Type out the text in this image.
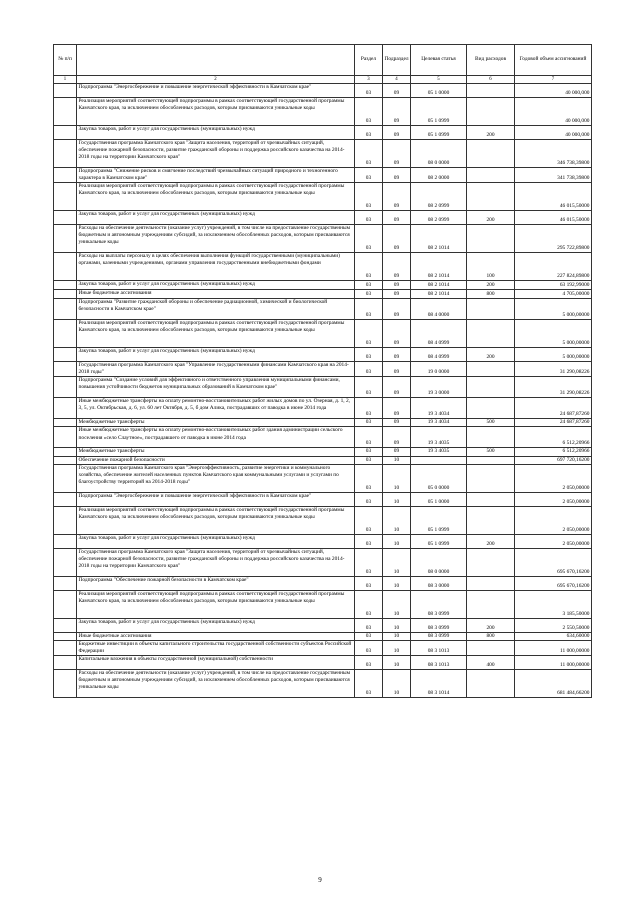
№ п/п		Раздел	Подраздел	Целевая статья	Вид расходов	Годовой объем ассигнований
1	2	3	4	5	6	7
	Подпрограмма "Энергосбережение и повышение энергетической эффективности в Камчатском крае"	03	09	05 1 0000		40 000,000
	Реализация мероприятий соответствующей подпрограммы в рамках соответствующей государственной программы Камчатского края, за исключением обособленных расходов, которым присваиваются уникальные коды	03	09	05 1 0999		40 000,000
	Закупка товаров, работ и услуг для государственных (муниципальных) нужд	03	09	05 1 0999	200	40 000,000
	Государственная программа Камчатского края "Защита населения, территорий от чрезвычайных ситуаций, обеспечение пожарной безопасности, развитие гражданской обороны и поддержка российского казачества на 2014-2018 годы на территории Камчатского края"	03	09	08 0 0000		346 738,39800
	Подпрограмма "Снижение рисков и смягчение последствий чрезвычайных ситуаций природного и техногенного характера в Камчатском крае"	03	09	08 2 0000		341 738,39800
	Реализация мероприятий соответствующей подпрограммы в рамках соответствующей государственной программы Камчатского края, за исключением обособленных расходов, которым присваиваются уникальные коды	03	09	08 2 0999		46 015,50000
	Закупка товаров, работ и услуг для государственных (муниципальных) нужд	03	09	08 2 0999	200	46 015,50000
	Расходы на обеспечение деятельности (оказание услуг) учреждений, в том числе на предоставление государственным бюджетным и автономным учреждениям субсидий, за исключением обособленных расходов, которым присваиваются уникальные коды	03	09	08 2 1014		295 722,89800
	Расходы на выплаты персоналу в целях обеспечения выполнения функций государственными (муниципальными) органами, казенными учреждениями, органами управления государственными внебюджетными фондами	03	09	08 2 1014	100	227 824,89800
	Закупка товаров, работ и услуг для государственных (муниципальных) нужд	03	09	08 2 1014	200	63 192,99000
	Иные бюджетные ассигнования	03	09	08 2 1014	800	4 705,00000
	Подпрограмма "Развитие гражданской обороны и обеспечение радиационной, химической и биологической безопасности в Камчатском крае"	03	09	08 4 0000		5 000,00000
	Реализация мероприятий соответствующей подпрограммы в рамках соответствующей государственной программы Камчатского края, за исключением обособленных расходов, которым присваиваются уникальные коды	03	09	08 4 0999		5 000,00000
	Закупка товаров, работ и услуг для государственных (муниципальных) нужд	03	09	08 4 0999	200	5 000,00000
	Государственная программа Камчатского края "Управление государственными финансами Камчатского края на 2014-2018 годы"	03	09	19 0 0000		31 290,08226
	Подпрограмма "Создание условий для эффективного и ответственного управления муниципальными финансами, повышения устойчивости бюджетов муниципальных образований в Камчатском крае"	03	09	19 3 0000		31 290,08226
	Иные межбюджетные трансферты на оплату ремонтно-восстановительных работ жилых домов по ул. Озерная, д. 1, 2, 3, 5, ул. Октябрьская, д. 6, ул. 60 лет Октября, д. 5, б дом Алика, пострадавших от паводка в июне 2014 года	03	09	19 3 4034		24 687,87260
	Межбюджетные трансферты	03	09	19 3 4034	500	24 687,87260
	Иные межбюджетные трансферты на оплату ремонтно-восстановительных работ здания администрации сельского поселения «село Слаутное», пострадавшего от паводка в июне 2014 года	03	09	19 3 4035		6 512,20966
	Межбюджетные трансферты	03	09	19 3 4035	500	6 512,20966
	Обеспечение пожарной безопасности	03	10			697 720,16200
	Государственная программа Камчатского края "Энергоэффективность, развитие энергетики и коммунального хозяйства, обеспечение жителей населенных пунктов Камчатского края коммунальными услугами и услугами по благоустройству территорий на 2014-2018 годы"	03	10	05 0 0000		2 050,00000
	Подпрограмма "Энергосбережение и повышение энергетической эффективности в Камчатском крае"	03	10	05 1 0000		2 050,00000
	Реализация мероприятий соответствующей подпрограммы в рамках соответствующей государственной программы Камчатского края, за исключением обособленных расходов, которым присваиваются уникальные коды	03	10	05 1 0999		2 050,00000
	Закупка товаров, работ и услуг для государственных (муниципальных) нужд	03	10	05 1 0999	200	2 050,00000
	Государственная программа Камчатского края "Защита населения, территорий от чрезвычайных ситуаций, обеспечение пожарной безопасности, развитие гражданской обороны и поддержка российского казачества на 2014-2018 годы на территории Камчатского края"	03	10	08 0 0000		695 670,16200
	Подпрограмма "Обеспечение пожарной безопасности в Камчатском крае"	03	10	08 3 0000		695 670,16200
	Реализация мероприятий соответствующей подпрограммы в рамках соответствующей государственной программы Камчатского края, за исключением обособленных расходов, которым присваиваются уникальные коды	03	10	08 3 0999		3 185,50000
	Закупка товаров, работ и услуг для государственных (муниципальных) нужд	03	10	08 3 0999	200	2 550,50000
	Иные бюджетные ассигнования	03	10	08 3 0999	800	634,60000
	Бюджетные инвестиции в объекты капитального строительства государственной собственности субъектов Российской Федерации	03	10	08 3 1013		11 000,00000
	Капитальные вложения в объекты государственной (муниципальной) собственности	03	10	08 3 1013	400	11 000,00000
	Расходы на обеспечение деятельности (оказание услуг) учреждений, в том числе на предоставление государственным бюджетным и автономным учреждениям субсидий, за исключением обособленных расходов, которым присваиваются уникальные коды	03	10	08 3 1014		681 484,66200
9
